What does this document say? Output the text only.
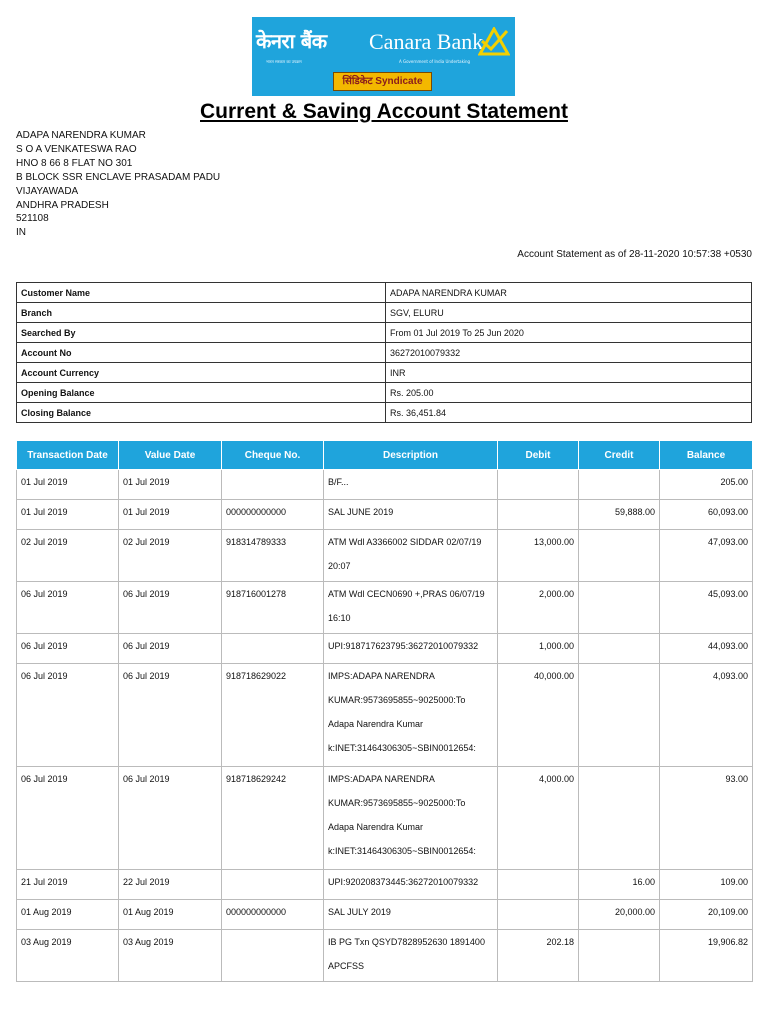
केनरा बैंक Canara Bank
भारत सरकार का उपक्रम	A Government of India Undertaking
सिंडिकेट Syndicate
Current & Saving Account Statement
ADAPA NARENDRA KUMAR
S O A VENKATESWA RAO
HNO 8 66 8 FLAT NO 301
B BLOCK SSR ENCLAVE PRASADAM PADU
VIJAYAWADA
ANDHRA PRADESH
521108
IN
Account Statement as of 28-11-2020 10:57:38 +0530
Customer Name	ADAPA NARENDRA KUMAR
Branch	SGV, ELURU
Searched By	From 01 Jul 2019 To 25 Jun 2020
Account No	36272010079332
Account Currency	INR
Opening Balance	Rs. 205.00
Closing Balance	Rs. 36,451.84
Transaction Date	Value Date	Cheque No.	Description	Debit	Credit	Balance
01 Jul 2019	01 Jul 2019		B/F...			205.00
01 Jul 2019	01 Jul 2019	000000000000	SAL JUNE 2019		59,888.00	60,093.00
02 Jul 2019	02 Jul 2019	918314789333	ATM Wdl A3366002 SIDDAR 02/07/19
20:07	13,000.00		47,093.00
06 Jul 2019	06 Jul 2019	918716001278	ATM Wdl CECN0690 +,PRAS 06/07/19
16:10	2,000.00		45,093.00
06 Jul 2019	06 Jul 2019		UPI:918717623795:36272010079332	1,000.00		44,093.00
06 Jul 2019	06 Jul 2019	918718629022	IMPS:ADAPA NARENDRA
KUMAR:9573695855~9025000:To
Adapa Narendra Kumar
k:INET:31464306305~SBIN0012654:	40,000.00		4,093.00
06 Jul 2019	06 Jul 2019	918718629242	IMPS:ADAPA NARENDRA
KUMAR:9573695855~9025000:To
Adapa Narendra Kumar
k:INET:31464306305~SBIN0012654:	4,000.00		93.00
21 Jul 2019	22 Jul 2019		UPI:920208373445:36272010079332		16.00	109.00
01 Aug 2019	01 Aug 2019	000000000000	SAL JULY 2019		20,000.00	20,109.00
03 Aug 2019	03 Aug 2019		IB PG Txn QSYD7828952630 1891400
APCFSS	202.18		19,906.82
